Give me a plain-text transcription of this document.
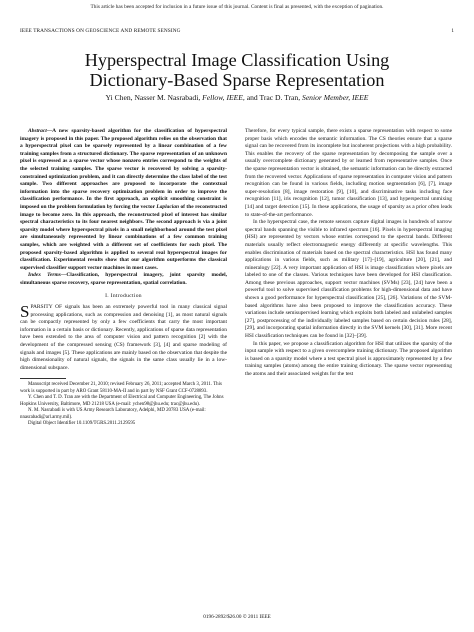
This article has been accepted for inclusion in a future issue of this journal. Content is final as presented, with the exception of pagination.
IEEE TRANSACTIONS ON GEOSCIENCE AND REMOTE SENSING	1
Hyperspectral Image Classification Using
Dictionary-Based Sparse Representation
Yi Chen, Nasser M. Nasrabadi, Fellow, IEEE, and Trac D. Tran, Senior Member, IEEE

Abstract—A new sparsity-based algorithm for the classification of hyperspectral imagery is proposed in this paper. The proposed algorithm relies on the observation that a hyperspectral pixel can be sparsely represented by a linear combination of a few training samples from a structured dictionary. The sparse representation of an unknown pixel is expressed as a sparse vector whose nonzero entries correspond to the weights of the selected training samples. The sparse vector is recovered by solving a sparsity-constrained optimization problem, and it can directly determine the class label of the test sample. Two different approaches are proposed to incorporate the contextual information into the sparse recovery optimization problem in order to improve the classification performance. In the first approach, an explicit smoothing constraint is imposed on the problem formulation by forcing the vector Laplacian of the reconstructed image to become zero. In this approach, the reconstructed pixel of interest has similar spectral characteristics to its four nearest neighbors. The second approach is via a joint sparsity model where hyperspectral pixels in a small neighborhood around the test pixel are simultaneously represented by linear combinations of a few common training samples, which are weighted with a different set of coefficients for each pixel. The proposed sparsity-based algorithm is applied to several real hyperspectral images for classification. Experimental results show that our algorithm outperforms the classical supervised classifier support vector machines in most cases.

Index Terms—Classification, hyperspectral imagery, joint sparsity model, simultaneous sparse recovery, sparse representation, spatial correlation.

I. Introduction

SPARSITY OF signals has been an extremely powerful tool in many classical signal processing applications, such as compression and denoising [1], as most natural signals can be compactly represented by only a few coefficients that carry the most important information in a certain basis or dictionary. Recently, applications of sparse data representation have been extended to the area of computer vision and pattern recognition [2] with the development of the compressed sensing (CS) framework [3], [4] and sparse modeling of signals and images [5]. These applications are mainly based on the observation that despite the high dimensionality of natural signals, the signals in the same class usually lie in a low-dimensional subspace.

Manuscript received December 21, 2010; revised February 26, 2011; accepted March 3, 2011. This work is supported in part by ARO Grant 58110-MA-II and in part by NSF Grant CCF-0728893.

Y. Chen and T. D. Tran are with the Department of Electrical and Computer Engineering, The Johns Hopkins University, Baltimore, MD 21218 USA (e-mail: ychen98@jhu.edu; trac@jhu.edu).

N. M. Nasrabadi is with US Army Research Laboratory, Adelphi, MD 20783 USA (e-mail: nnasrabadi@arl.army.mil).

Digital Object Identifier 10.1109/TGRS.2011.2129595

Therefore, for every typical sample, there exists a sparse representation with respect to some proper basis which encodes the semantic information. The CS theories ensure that a sparse signal can be recovered from its incomplete but incoherent projections with a high probability. This enables the recovery of the sparse representation by decomposing the sample over a usually overcomplete dictionary generated by or learned from representative samples. Once the sparse representation vector is obtained, the semantic information can be directly extracted from the recovered vector. Applications of sparse representation in computer vision and pattern recognition can be found in various fields, including motion segmentation [6], [7], image super-resolution [8], image restoration [9], [10], and discriminative tasks including face recognition [11], iris recognition [12], tumor classification [13], and hyperspectral unmixing [14] and target detection [15]. In these applications, the usage of sparsity as a prior often leads to state-of-the-art performance.

In the hyperspectral case, the remote sensors capture digital images in hundreds of narrow spectral bands spanning the visible to infrared spectrum [16]. Pixels in hyperspectral imaging (HSI) are represented by vectors whose entries correspond to the spectral bands. Different materials usually reflect electromagnetic energy differently at specific wavelengths. This enables discrimination of materials based on the spectral characteristics. HSI has found many applications in various fields, such as military [17]–[19], agriculture [20], [21], and mineralogy [22]. A very important application of HSI is image classification where pixels are labeled to one of the classes. Various techniques have been developed for HSI classification. Among these previous approaches, support vector machines (SVMs) [23], [24] have been a powerful tool to solve supervised classification problems for high-dimensional data and have shown a good performance for hyperspectral classification [25], [26]. Variations of the SVM-based algorithms have also been proposed to improve the classification accuracy. These variations include semisupervised learning which exploits both labeled and unlabeled samples [27], postprocessing of the individually labeled samples based on certain decision rules [28], [29], and incorporating spatial information directly in the SVM kernels [30], [31]. More recent HSI classification techniques can be found in [32]–[39].

In this paper, we propose a classification algorithm for HSI that utilizes the sparsity of the input sample with respect to a given overcomplete training dictionary. The proposed algorithm is based on a sparsity model where a test spectral pixel is approximately represented by a few training samples (atoms) among the entire training dictionary. The sparse vector representing the atoms and their associated weights for the test

0196-2892/$26.00 © 2011 IEEE
